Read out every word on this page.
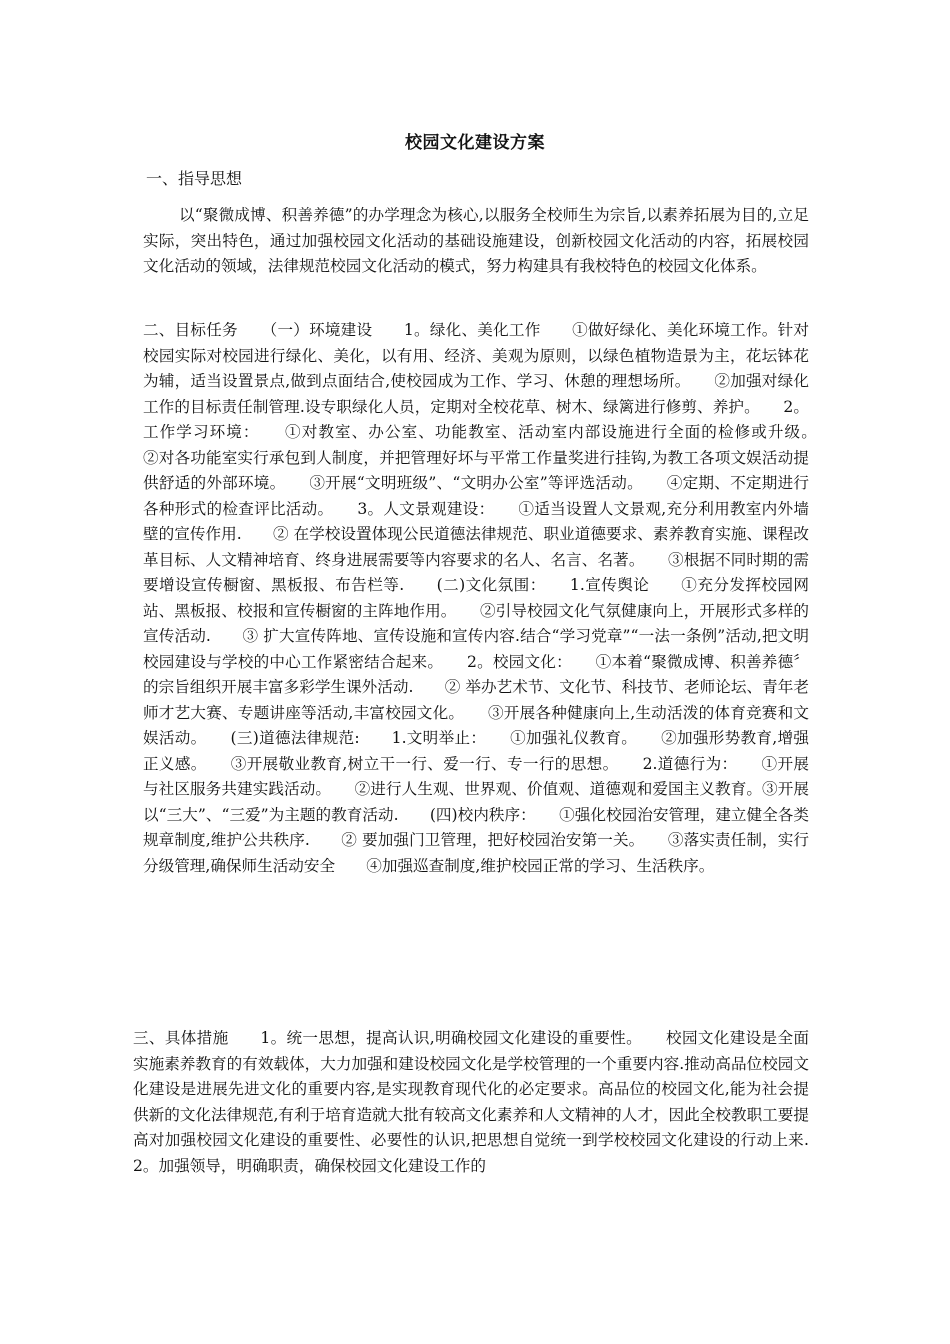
校园文化建设方案
一、指导思想
以“聚微成博、积善养德”的办学理念为核心,以服务全校师生为宗旨,以素养拓展为目的,立足实际，突出特色，通过加强校园文化活动的基础设施建设，创新校园文化活动的内容，拓展校园文化活动的领域，法律规范校园文化活动的模式，努力构建具有我校特色的校园文化体系。
二、目标任务　　（一）环境建设　　1。绿化、美化工作　　①做好绿化、美化环境工作。针对校园实际对校园进行绿化、美化，以有用、经济、美观为原则，以绿色植物造景为主，花坛钵花为辅，适当设置景点,做到点面结合,使校园成为工作、学习、休憩的理想场所。　　②加强对绿化工作的目标责任制管理.设专职绿化人员，定期对全校花草、树木、绿篱进行修剪、养护。　　2。工作学习环境：　　①对教室、办公室、功能教室、活动室内部设施进行全面的检修或升级。　　②对各功能室实行承包到人制度，并把管理好坏与平常工作量奖进行挂钩,为教工各项文娱活动提供舒适的外部环境。　　③开展“文明班级”、“文明办公室”等评选活动。　　④定期、不定期进行各种形式的检查评比活动。　　3。人文景观建设：　　①适当设置人文景观,充分利用教室内外墙壁的宣传作用.　　② 在学校设置体现公民道德法律规范、职业道德要求、素养教育实施、课程改革目标、人文精神培育、终身进展需要等内容要求的名人、名言、名著。　　③根据不同时期的需要增设宣传橱窗、黑板报、布告栏等.　　(二)文化氛围：　　1.宣传舆论　　①充分发挥校园网站、黑板报、校报和宣传橱窗的主阵地作用。　　②引导校园文化气氛健康向上，开展形式多样的宣传活动.　　③ 扩大宣传阵地、宣传设施和宣传内容.结合“学习党章”“一法一条例”活动,把文明校园建设与学校的中心工作紧密结合起来。　　2。校园文化：　　①本着“聚微成博、积善养德〞的宗旨组织开展丰富多彩学生课外活动.　　② 举办艺术节、文化节、科技节、老师论坛、青年老师才艺大赛、专题讲座等活动,丰富校园文化。　　③开展各种健康向上,生动活泼的体育竞赛和文娱活动。　　(三)道德法律规范:　　1.文明举止：　　①加强礼仪教育。　　②加强形势教育,增强正义感。　　③开展敬业教育,树立干一行、爱一行、专一行的思想。　　2.道德行为：　　①开展与社区服务共建实践活动。　　②进行人生观、世界观、价值观、道德观和爱国主义教育。③开展以“三大”、“三爱”为主题的教育活动.　　(四)校内秩序：　　①强化校园治安管理，建立健全各类规章制度,维护公共秩序.　　② 要加强门卫管理，把好校园治安第一关。　　③落实责任制，实行分级管理,确保师生活动安全　　④加强巡查制度,维护校园正常的学习、生活秩序。
三、具体措施　　1。统一思想，提高认识,明确校园文化建设的重要性。　　校园文化建设是全面实施素养教育的有效载体，大力加强和建设校园文化是学校管理的一个重要内容.推动高品位校园文化建设是进展先进文化的重要内容,是实现教育现代化的必定要求。高品位的校园文化,能为社会提供新的文化法律规范,有利于培育造就大批有较高文化素养和人文精神的人才，因此全校教职工要提高对加强校园文化建设的重要性、必要性的认识,把思想自觉统一到学校校园文化建设的行动上来.　　2。加强领导，明确职责，确保校园文化建设工作的
